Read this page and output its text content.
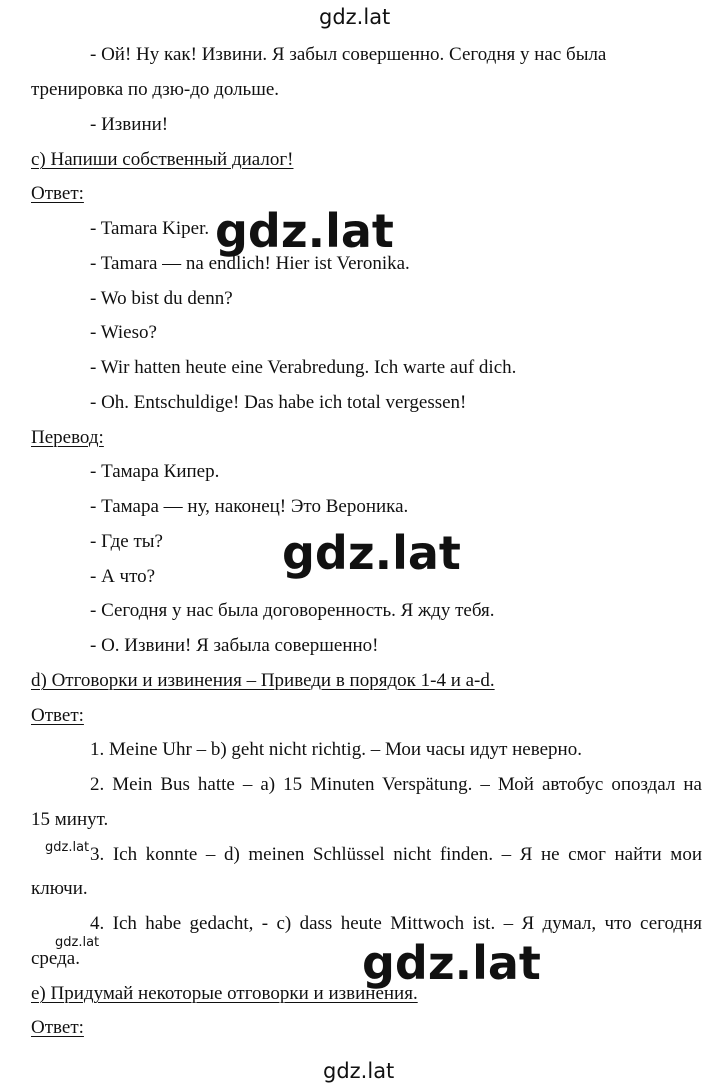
gdz.lat
- Ой! Ну как! Извини. Я забыл совершенно. Сегодня у нас была
тренировка по дзю-до дольше.
- Извини!
c) Напиши собственный диалог!
Ответ:
- Tamara Kiper.
- Tamara — na endlich! Hier ist Veronika.
- Wo bist du denn?
- Wieso?
- Wir hatten heute eine Verabredung. Ich warte auf dich.
- Oh. Entschuldige! Das habe ich total vergessen!
gdz.lat
Перевод:
- Тамара Кипер.
- Тамара — ну, наконец! Это Вероника.
- Где ты?
- А что?
- Сегодня у нас была договоренность. Я жду тебя.
- О. Извини! Я забыла совершенно!
gdz.lat
d) Отговорки и извинения – Приведи в порядок 1-4 и a-d.
Ответ:
1. Meine Uhr – b) geht nicht richtig. – Мои часы идут неверно.
2. Mein Bus hatte – a) 15 Minuten Verspätung. – Мой автобус опоздал на
15 минут.
gdz.lat 3. Ich konnte – d) meinen Schlüssel nicht finden. – Я не смог найти мои
ключи.
4. Ich habe gedacht, - c) dass heute Mittwoch ist. – Я думал, что сегодня
gdz.lat
среда.	gdz.lat
e) Придумай некоторые отговорки и извинения.
Ответ:
gdz.lat
